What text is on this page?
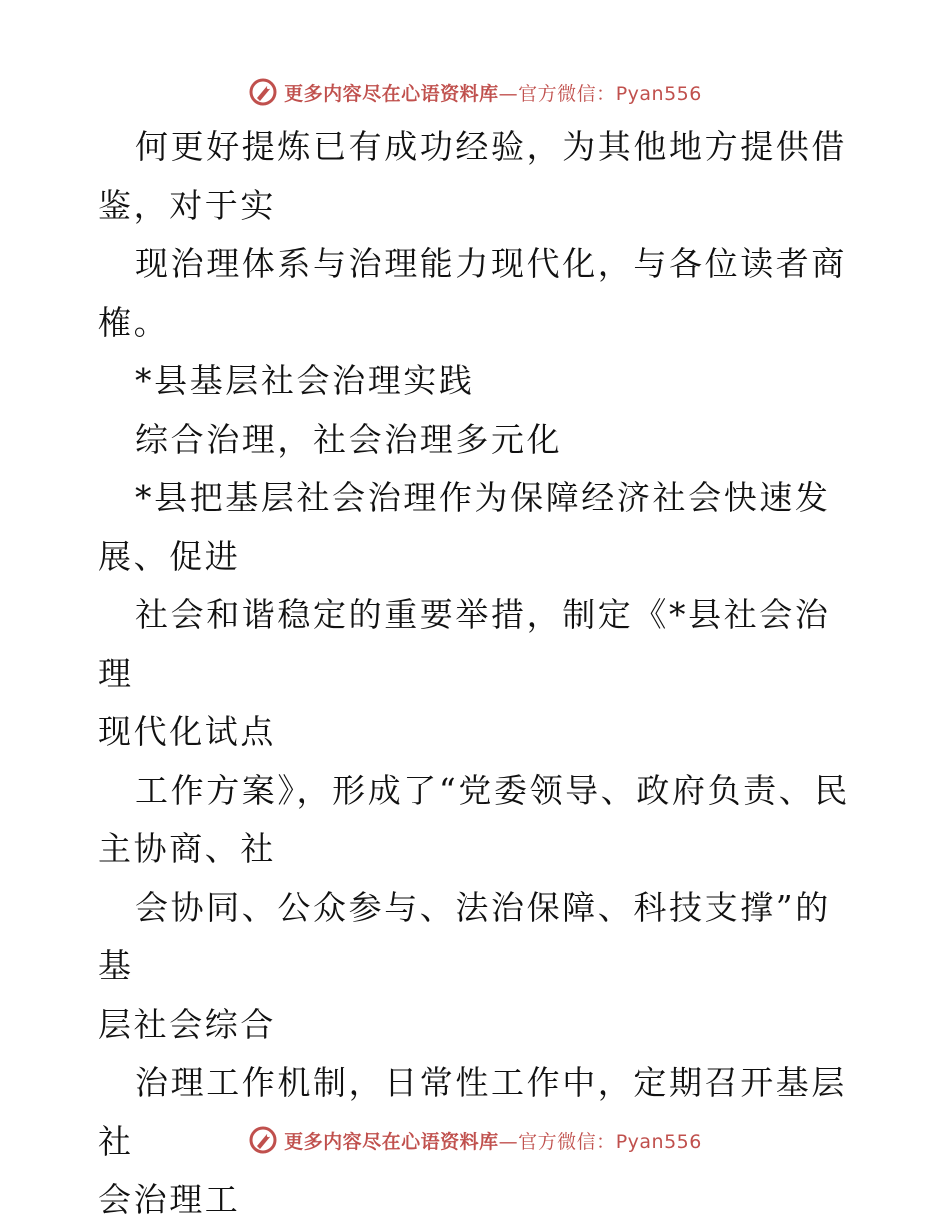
更多内容尽在心语资料库—官方微信：Pyan556

何更好提炼已有成功经验，为其他地方提供借
鉴，对于实

现治理体系与治理能力现代化，与各位读者商
榷。

*县基层社会治理实践

综合治理，社会治理多元化

*县把基层社会治理作为保障经济社会快速发
展、促进

社会和谐稳定的重要举措，制定《*县社会治理
现代化试点

工作方案》，形成了“党委领导、政府负责、民
主协商、社

会协同、公众参与、法治保障、科技支撑”的基
层社会综合

治理工作机制，日常性工作中，定期召开基层社
会治理工

更多内容尽在心语资料库—官方微信：Pyan556
